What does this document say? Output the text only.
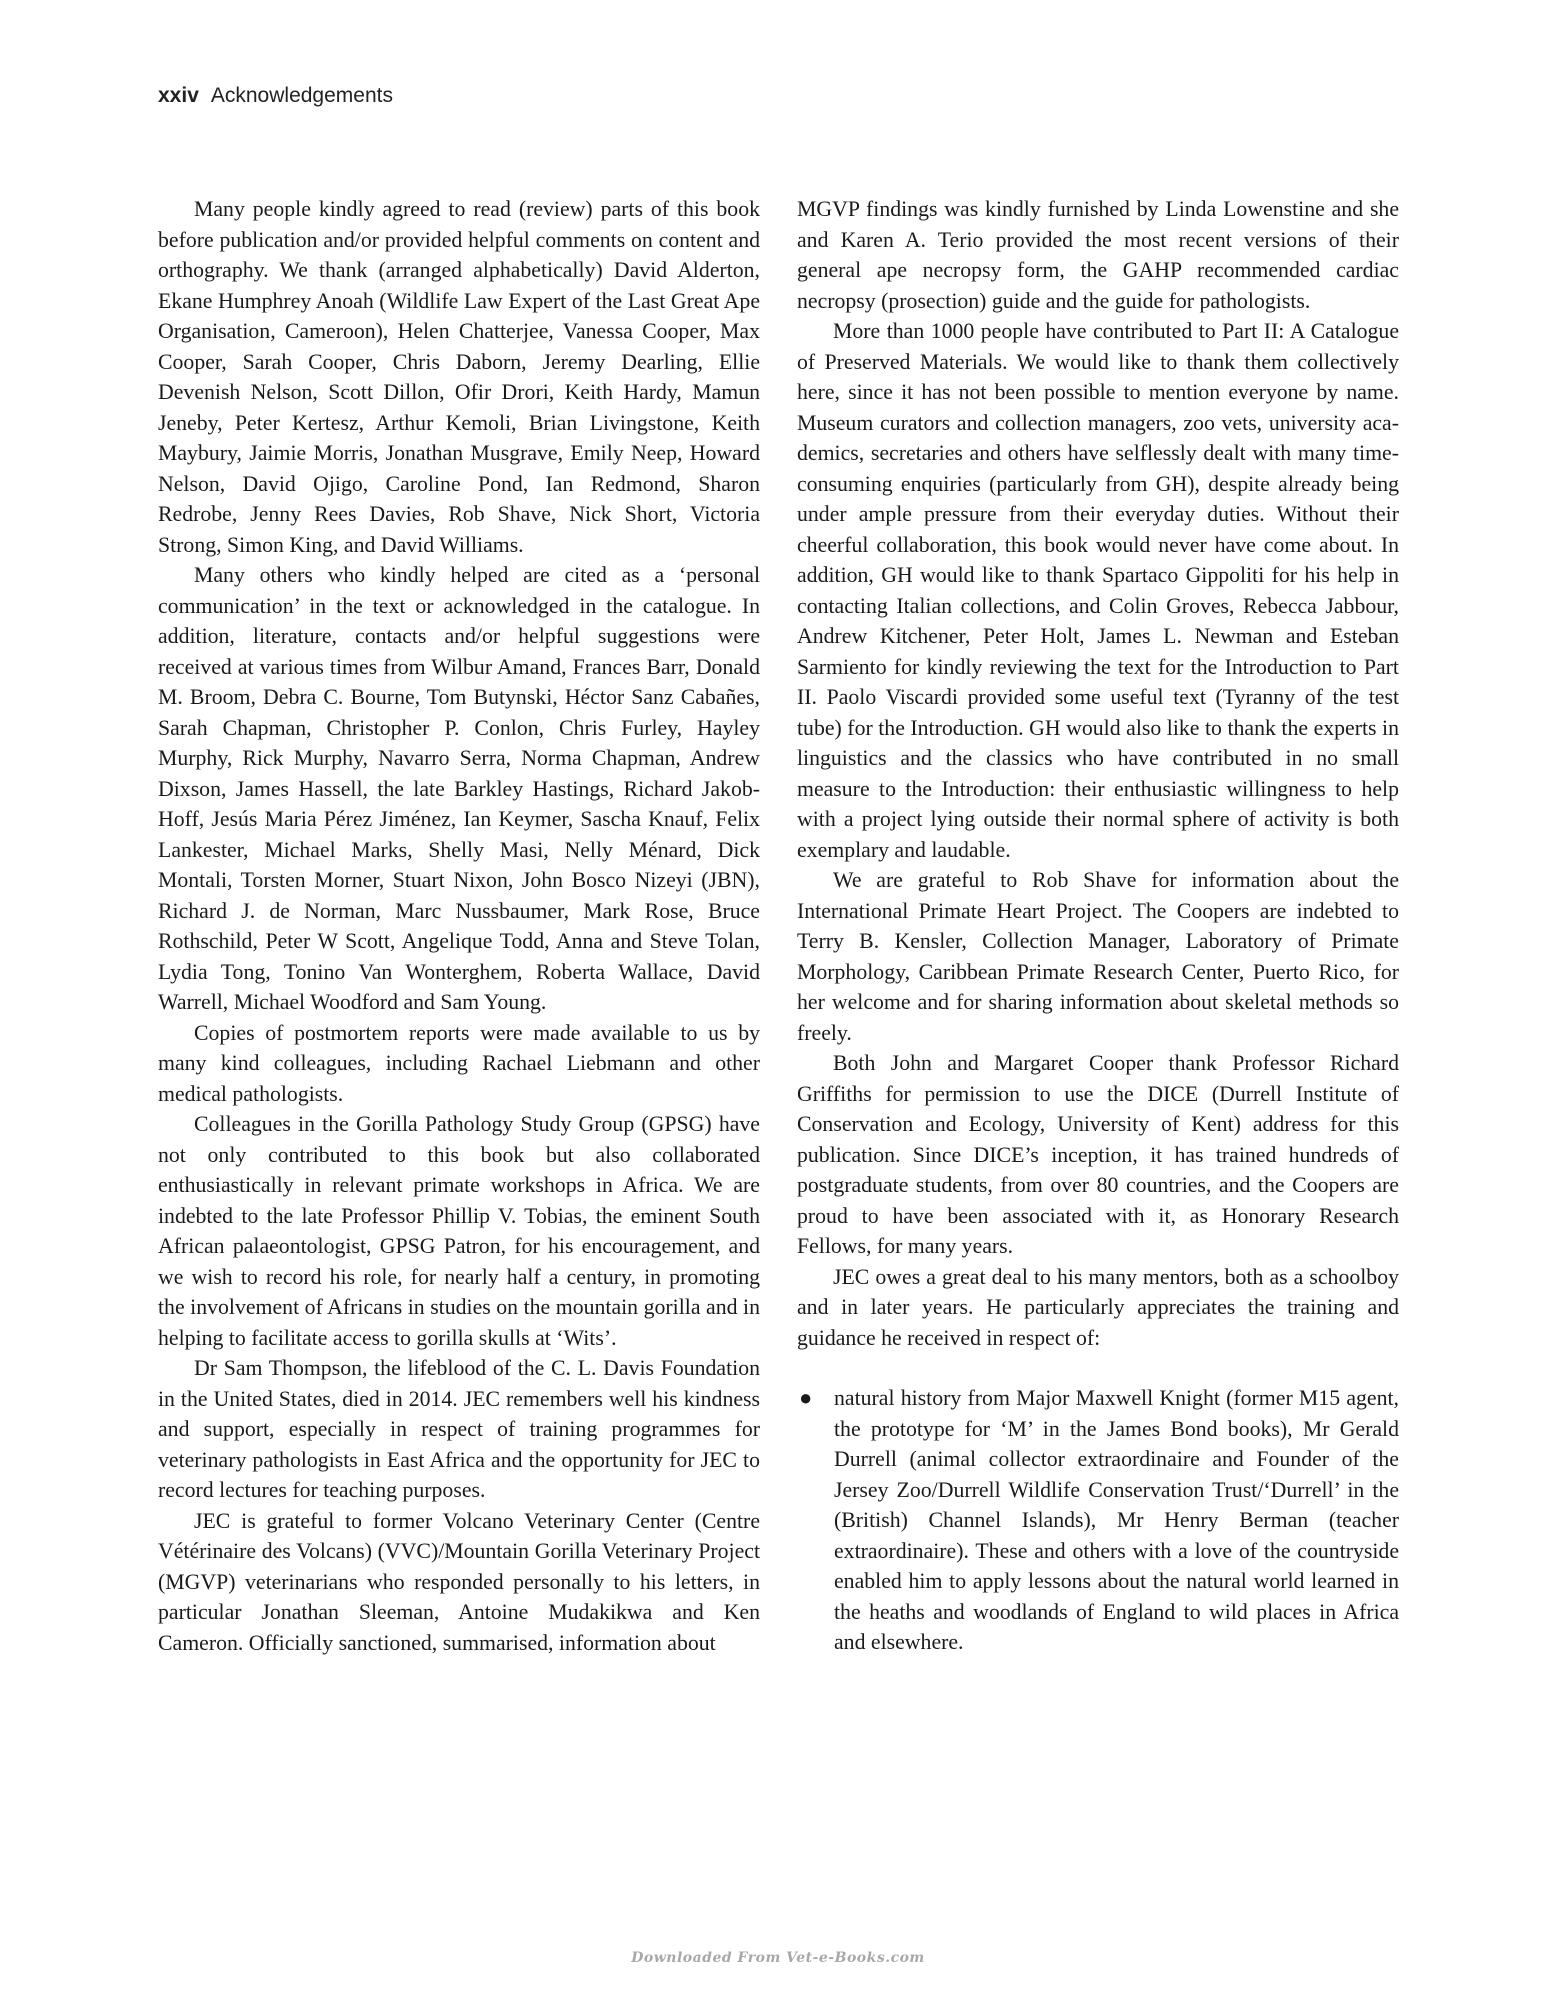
xxiv Acknowledgements

Many people kindly agreed to read (review) parts of this book before publication and/or provided helpful comments on content and orthography. We thank (arranged alphabetically) David Alderton, Ekane Humphrey Anoah (Wildlife Law Expert of the Last Great Ape Organisation, Cameroon), Helen Chatterjee, Vanessa Cooper, Max Cooper, Sarah Cooper, Chris Daborn, Jeremy Dearling, Ellie Devenish Nelson, Scott Dillon, Ofir Drori, Keith Hardy, Mamun Jeneby, Peter Kertesz, Arthur Kemoli, Brian Livingstone, Keith Maybury, Jaimie Morris, Jonathan Musgrave, Emily Neep, Howard Nelson, David Ojigo, Caroline Pond, Ian Redmond, Sharon Redrobe, Jenny Rees Davies, Rob Shave, Nick Short, Victoria Strong, Simon King, and David Williams.

Many others who kindly helped are cited as a ‘personal communication’ in the text or acknowledged in the catalogue. In addition, literature, contacts and/or helpful suggestions were received at various times from Wilbur Amand, Frances Barr, Donald M. Broom, Debra C. Bourne, Tom Butynski, Héctor Sanz Cabañes, Sarah Chapman, Christopher P. Conlon, Chris Furley, Hayley Murphy, Rick Murphy, Navarro Serra, Norma Chapman, Andrew Dixson, James Hassell, the late Barkley Hastings, Richard Jakob-Hoff, Jesús Maria Pérez Jiménez, Ian Keymer, Sascha Knauf, Felix Lankester, Michael Marks, Shelly Masi, Nelly Ménard, Dick Montali, Torsten Morner, Stuart Nixon, John Bosco Nizeyi (JBN), Richard J. de Norman, Marc Nussbaumer, Mark Rose, Bruce Rothschild, Peter W Scott, Angelique Todd, Anna and Steve Tolan, Lydia Tong, Tonino Van Wonterghem, Roberta Wallace, David Warrell, Michael Woodford and Sam Young.

Copies of postmortem reports were made available to us by many kind colleagues, including Rachael Liebmann and other medical pathologists.

Colleagues in the Gorilla Pathology Study Group (GPSG) have not only contributed to this book but also collaborated enthusiastically in relevant primate workshops in Africa. We are indebted to the late Professor Phillip V. Tobias, the eminent South African palaeontologist, GPSG Patron, for his encouragement, and we wish to record his role, for nearly half a century, in promoting the involvement of Africans in studies on the mountain gorilla and in helping to facilitate access to gorilla skulls at ‘Wits’.

Dr Sam Thompson, the lifeblood of the C. L. Davis Foundation in the United States, died in 2014. JEC remembers well his kindness and support, especially in respect of training programmes for veterinary pathologists in East Africa and the opportunity for JEC to record lectures for teaching purposes.

JEC is grateful to former Volcano Veterinary Center (Centre Vétérinaire des Volcans) (VVC)/Mountain Gorilla Veterinary Project (MGVP) veterinarians who responded personally to his letters, in particular Jonathan Sleeman, Antoine Mudakikwa and Ken Cameron. Officially sanctioned, summarised, information about

MGVP findings was kindly furnished by Linda Lowenstine and she and Karen A. Terio provided the most recent versions of their general ape necropsy form, the GAHP recommended cardiac necropsy (prosection) guide and the guide for pathologists.

More than 1000 people have contributed to Part II: A Catalogue of Preserved Materials. We would like to thank them collectively here, since it has not been possible to mention everyone by name. Museum curators and collection managers, zoo vets, university academics, secretaries and others have selflessly dealt with many time-consuming enquiries (particularly from GH), despite already being under ample pressure from their everyday duties. Without their cheerful collaboration, this book would never have come about. In addition, GH would like to thank Spartaco Gippoliti for his help in contacting Italian collections, and Colin Groves, Rebecca Jabbour, Andrew Kitchener, Peter Holt, James L. Newman and Esteban Sarmiento for kindly reviewing the text for the Introduction to Part II. Paolo Viscardi provided some useful text (Tyranny of the test tube) for the Introduction. GH would also like to thank the experts in linguistics and the classics who have contributed in no small measure to the Introduction: their enthusiastic willingness to help with a project lying outside their normal sphere of activity is both exemplary and laudable.

We are grateful to Rob Shave for information about the International Primate Heart Project. The Coopers are indebted to Terry B. Kensler, Collection Manager, Laboratory of Primate Morphology, Caribbean Primate Research Center, Puerto Rico, for her welcome and for sharing information about skeletal methods so freely.

Both John and Margaret Cooper thank Professor Richard Griffiths for permission to use the DICE (Durrell Institute of Conservation and Ecology, University of Kent) address for this publication. Since DICE’s inception, it has trained hundreds of postgraduate students, from over 80 countries, and the Coopers are proud to have been associated with it, as Honorary Research Fellows, for many years.

JEC owes a great deal to his many mentors, both as a schoolboy and in later years. He particularly appreciates the training and guidance he received in respect of:

● natural history from Major Maxwell Knight (former M15 agent, the prototype for ‘M’ in the James Bond books), Mr Gerald Durrell (animal collector extraordinaire and Founder of the Jersey Zoo/Durrell Wildlife Conservation Trust/‘Durrell’ in the (British) Channel Islands), Mr Henry Berman (teacher extraordinaire). These and others with a love of the countryside enabled him to apply lessons about the natural world learned in the heaths and woodlands of England to wild places in Africa and elsewhere.
Downloaded From Vet-e-Books.com
